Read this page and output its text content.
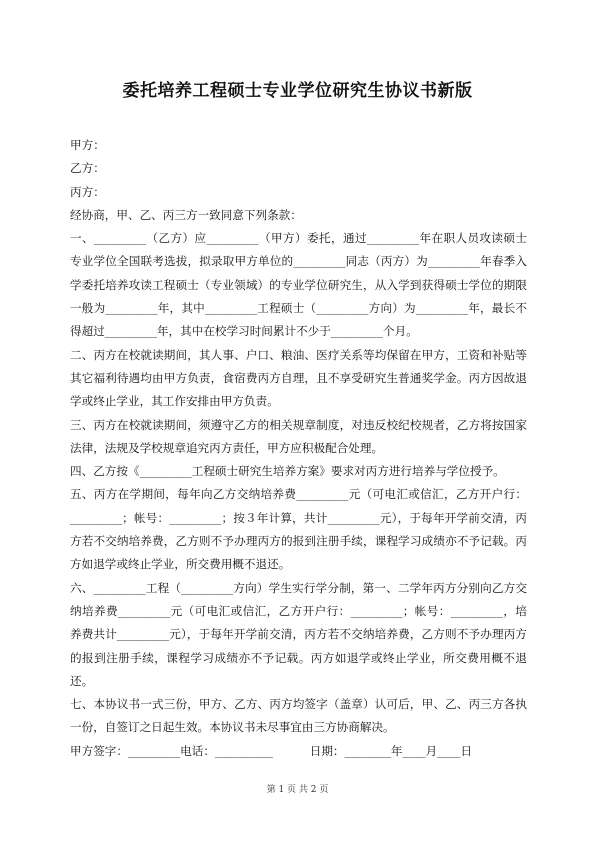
委托培养工程硕士专业学位研究生协议书新版

甲方：

乙方：

丙方：

经协商，甲、乙、丙三方一致同意下列条款：

一、_________（乙方）应_________（甲方）委托，通过_________年在职人员攻读硕士专业学位全国联考选拔，拟录取甲方单位的_________同志（丙方）为_________年春季入学委托培养攻读工程硕士（专业领域）的专业学位研究生，从入学到获得硕士学位的期限一般为_________年，其中_________工程硕士（_________方向）为_________年，最长不得超过_________年，其中在校学习时间累计不少于_________个月。

二、丙方在校就读期间，其人事、户口、粮油、医疗关系等均保留在甲方，工资和补贴等其它福利待遇均由甲方负责，食宿费丙方自理，且不享受研究生普通奖学金。丙方因故退学或终止学业，其工作安排由甲方负责。

三、丙方在校就读期间，须遵守乙方的相关规章制度，对违反校纪校规者，乙方将按国家法律，法规及学校规章追究丙方责任，甲方应积极配合处理。

四、乙方按《_________工程硕士研究生培养方案》要求对丙方进行培养与学位授予。

五、丙方在学期间，每年向乙方交纳培养费_________元（可电汇或信汇，乙方开户行：_________；帐号：_________；按３年计算，共计_________元），于每年开学前交清，丙方若不交纳培养费，乙方则不予办理丙方的报到注册手续，课程学习成绩亦不予记载。丙方如退学或终止学业，所交费用概不退还。

六、_________工程（_________方向）学生实行学分制，第一、二学年丙方分别向乙方交纳培养费_________元（可电汇或信汇，乙方开户行：_________；帐号：_________，培养费共计_________元），于每年开学前交清，丙方若不交纳培养费，乙方则不予办理丙方的报到注册手续，课程学习成绩亦不予记载。丙方如退学或终止学业，所交费用概不退还。

七、本协议书一式三份，甲方、乙方、丙方均签字（盖章）认可后，甲、乙、丙三方各执一份，自签订之日起生效。本协议书未尽事宜由三方协商解决。

甲方签字：_________电话：__________          日期：________年____月____日

第 1 页 共 2 页
